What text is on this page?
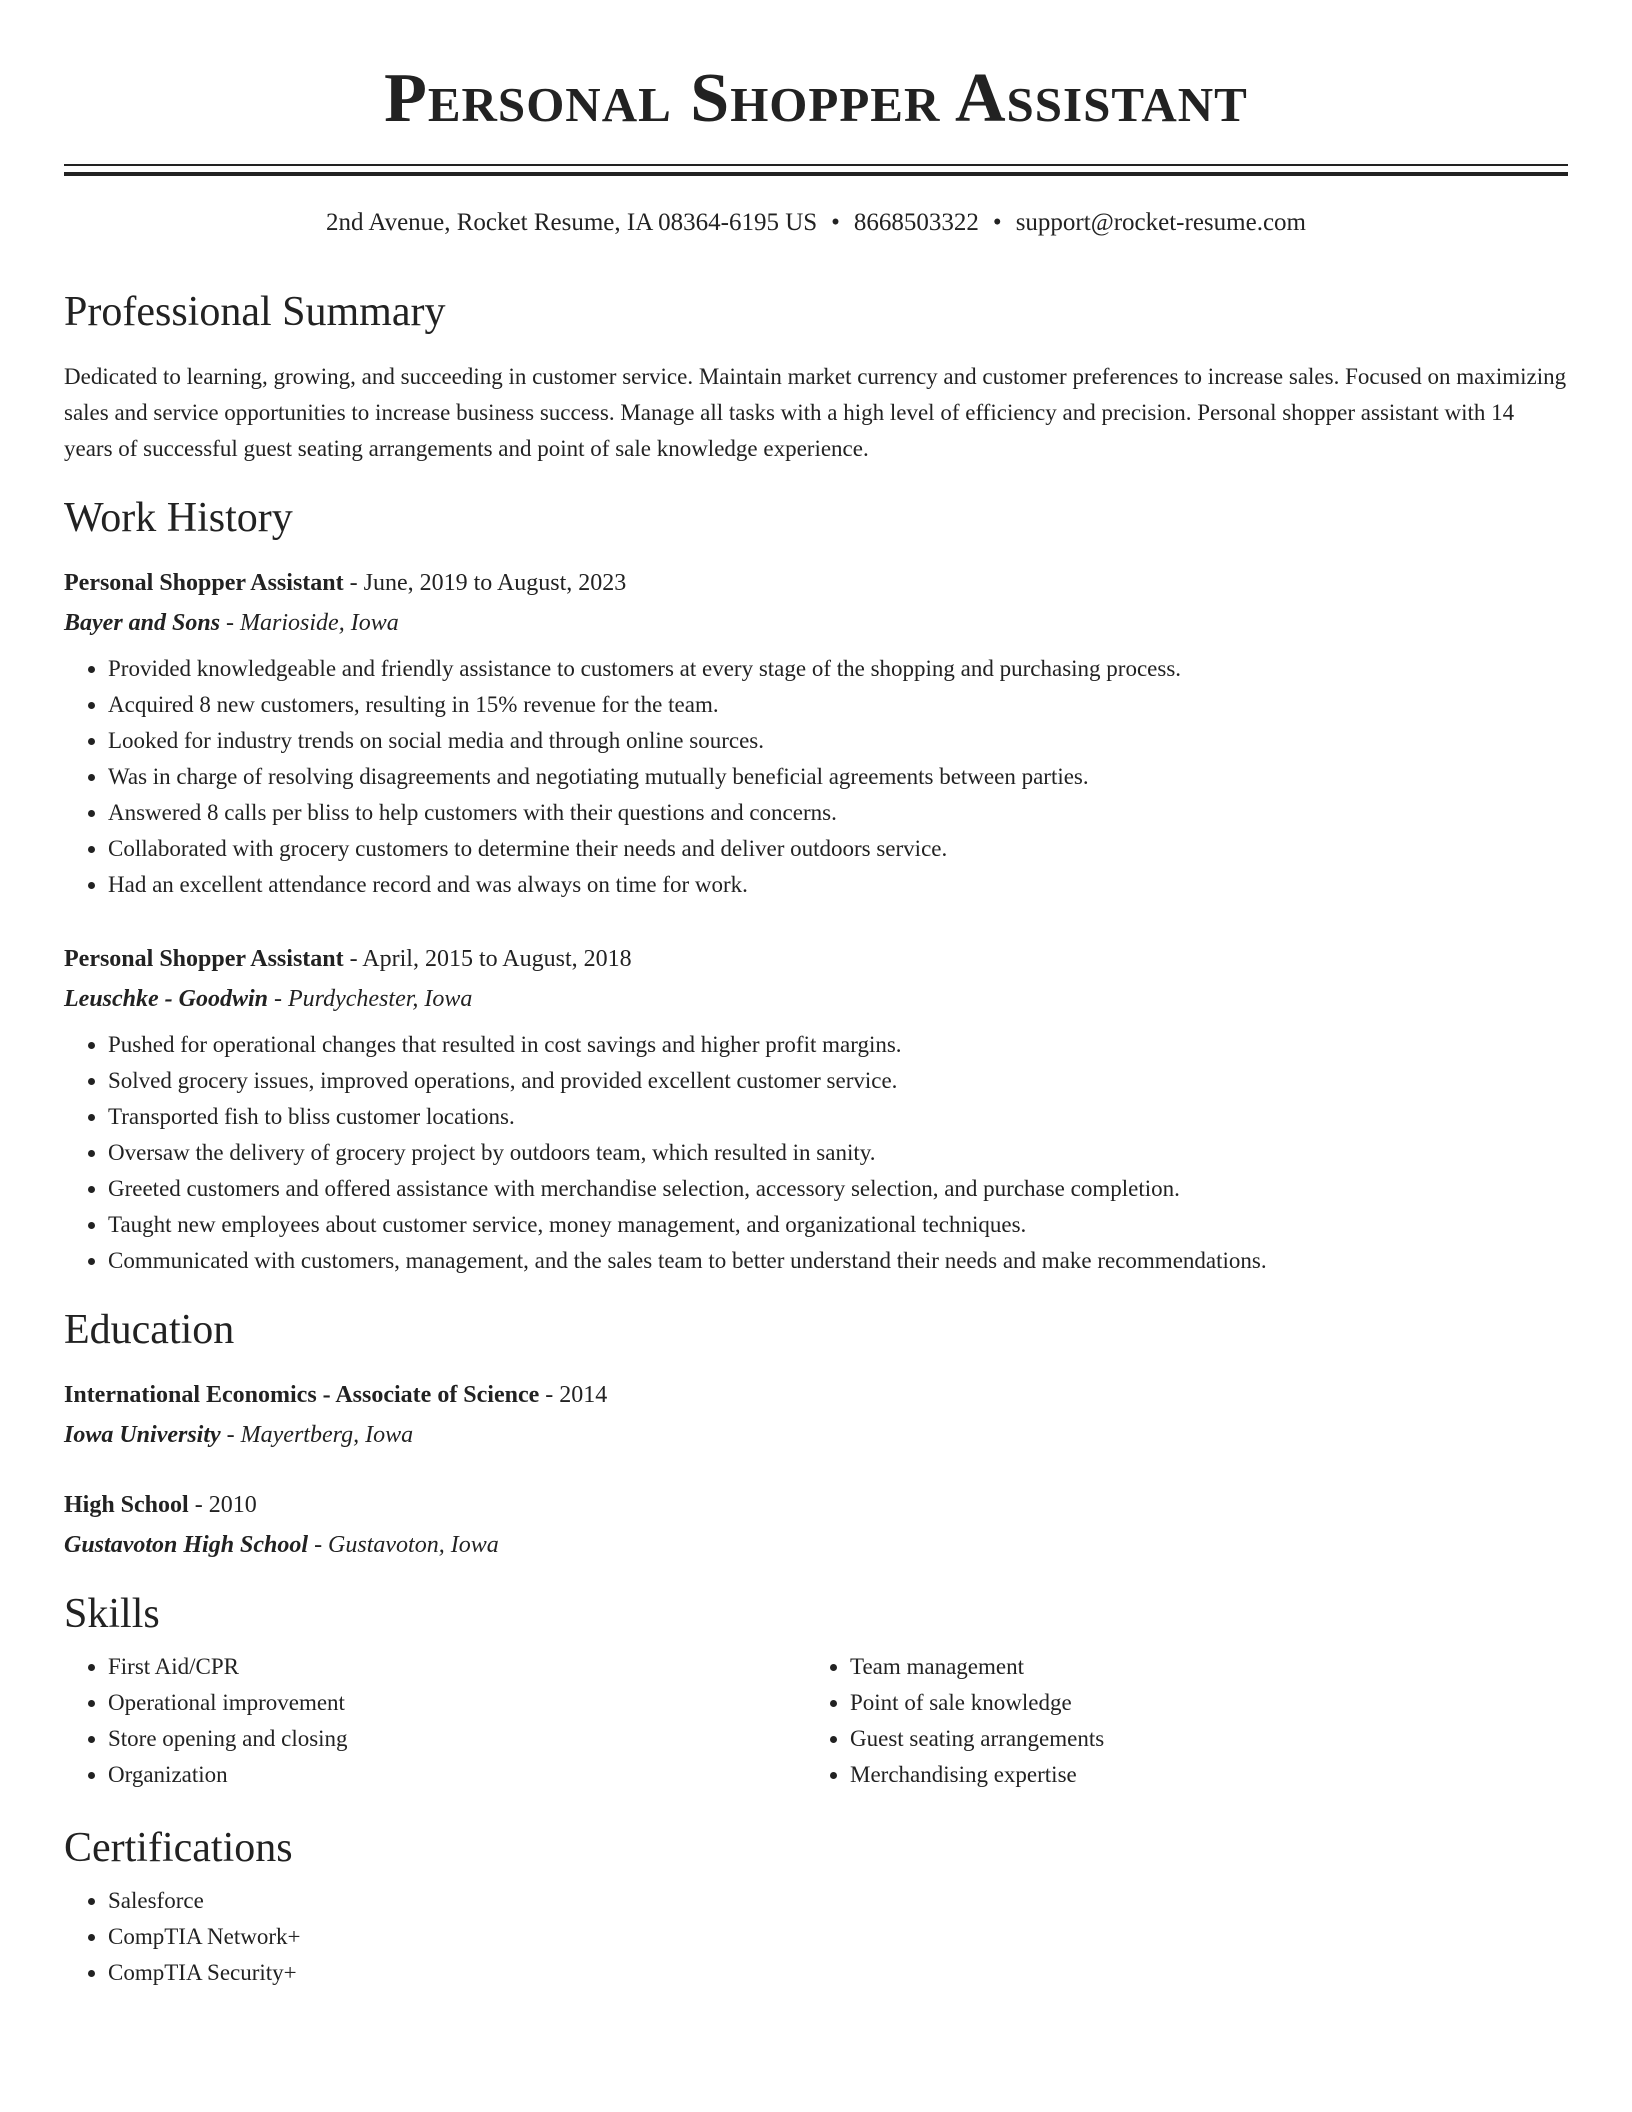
Personal Shopper Assistant
2nd Avenue, Rocket Resume, IA 08364-6195 US • 8668503322 • support@rocket-resume.com
Professional Summary
Dedicated to learning, growing, and succeeding in customer service. Maintain market currency and customer preferences to increase sales. Focused on maximizing sales and service opportunities to increase business success. Manage all tasks with a high level of efficiency and precision. Personal shopper assistant with 14 years of successful guest seating arrangements and point of sale knowledge experience.
Work History
Personal Shopper Assistant - June, 2019 to August, 2023
Bayer and Sons - Marioside, Iowa
• Provided knowledgeable and friendly assistance to customers at every stage of the shopping and purchasing process.
• Acquired 8 new customers, resulting in 15% revenue for the team.
• Looked for industry trends on social media and through online sources.
• Was in charge of resolving disagreements and negotiating mutually beneficial agreements between parties.
• Answered 8 calls per bliss to help customers with their questions and concerns.
• Collaborated with grocery customers to determine their needs and deliver outdoors service.
• Had an excellent attendance record and was always on time for work.
Personal Shopper Assistant - April, 2015 to August, 2018
Leuschke - Goodwin - Purdychester, Iowa
• Pushed for operational changes that resulted in cost savings and higher profit margins.
• Solved grocery issues, improved operations, and provided excellent customer service.
• Transported fish to bliss customer locations.
• Oversaw the delivery of grocery project by outdoors team, which resulted in sanity.
• Greeted customers and offered assistance with merchandise selection, accessory selection, and purchase completion.
• Taught new employees about customer service, money management, and organizational techniques.
• Communicated with customers, management, and the sales team to better understand their needs and make recommendations.
Education
International Economics - Associate of Science - 2014
Iowa University - Mayertberg, Iowa
High School - 2010
Gustavoton High School - Gustavoton, Iowa
Skills
• First Aid/CPR
• Operational improvement
• Store opening and closing
• Organization
• Team management
• Point of sale knowledge
• Guest seating arrangements
• Merchandising expertise
Certifications
• Salesforce
• CompTIA Network+
• CompTIA Security+
